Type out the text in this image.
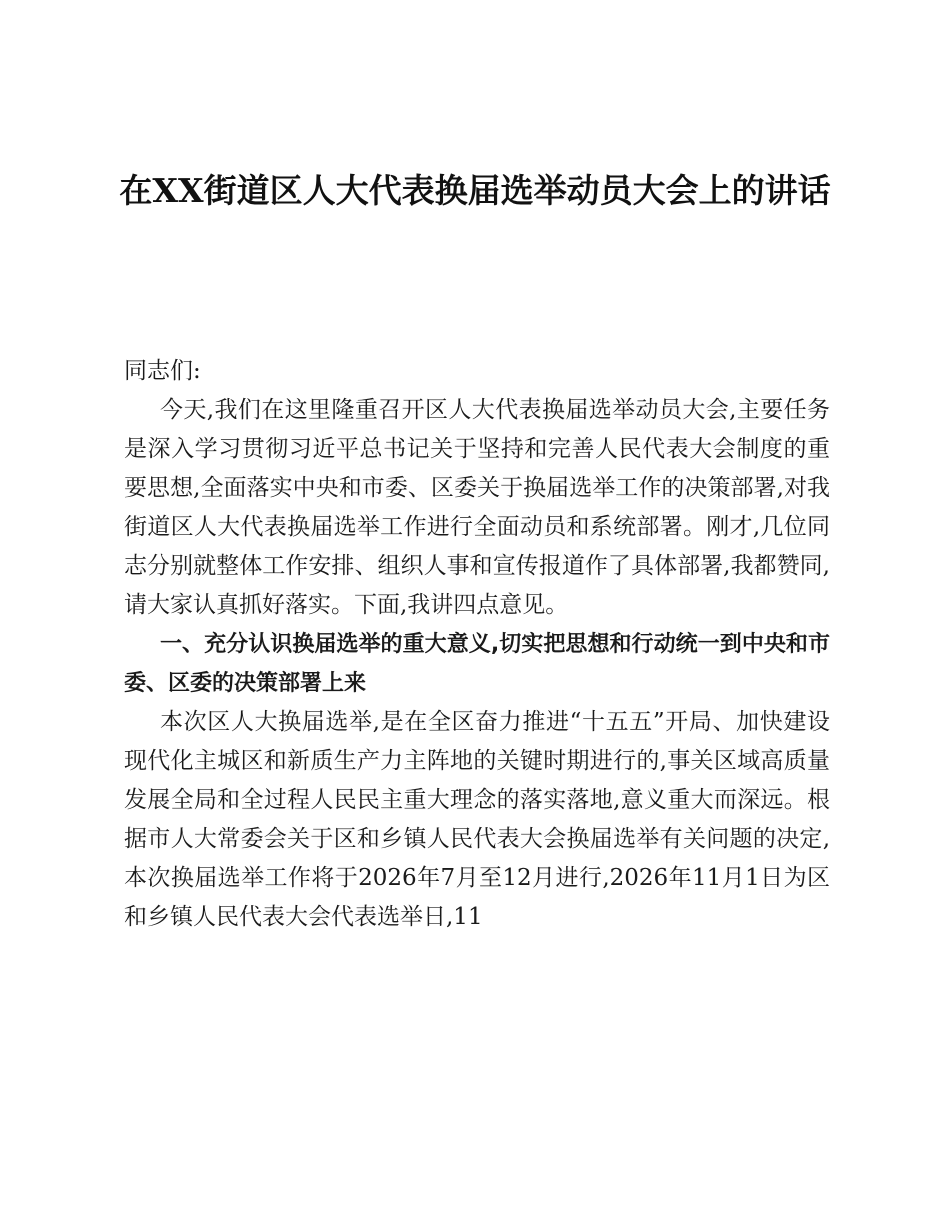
在XX街道区人大代表换届选举动员大会上的讲话

同志们:

今天,我们在这里隆重召开区人大代表换届选举动员大会,主要任务是深入学习贯彻习近平总书记关于坚持和完善人民代表大会制度的重要思想,全面落实中央和市委、区委关于换届选举工作的决策部署,对我街道区人大代表换届选举工作进行全面动员和系统部署。刚才,几位同志分别就整体工作安排、组织人事和宣传报道作了具体部署,我都赞同,请大家认真抓好落实。下面,我讲四点意见。

一、充分认识换届选举的重大意义,切实把思想和行动统一到中央和市委、区委的决策部署上来

本次区人大换届选举,是在全区奋力推进“十五五”开局、加快建设现代化主城区和新质生产力主阵地的关键时期进行的,事关区域高质量发展全局和全过程人民民主重大理念的落实落地,意义重大而深远。根据市人大常委会关于区和乡镇人民代表大会换届选举有关问题的决定,本次换届选举工作将于2026年7月至12月进行,2026年11月1日为区和乡镇人民代表大会代表选举日,11
